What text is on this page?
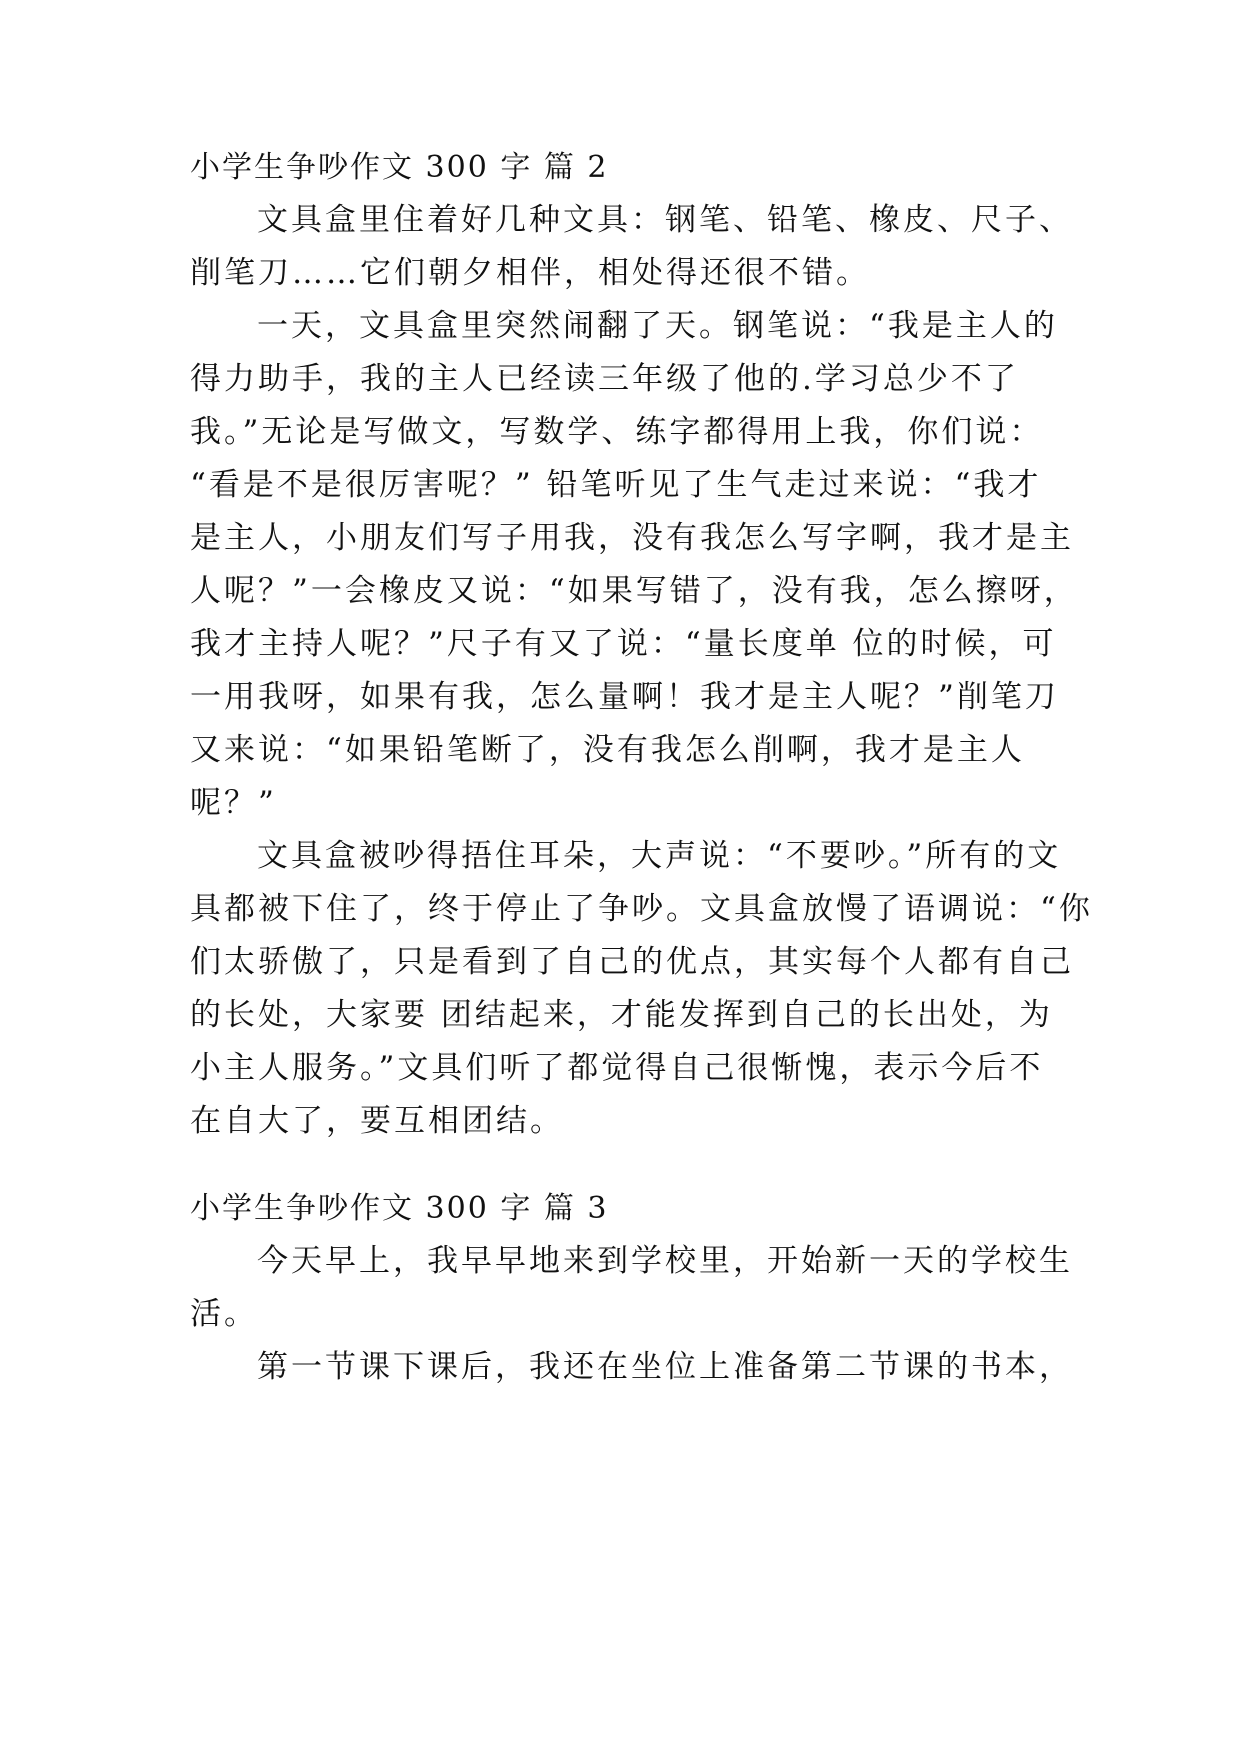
小学生争吵作文 300 字 篇 2
文具盒里住着好几种文具：钢笔、铅笔、橡皮、尺子、
削笔刀……它们朝夕相伴，相处得还很不错。
一天，文具盒里突然闹翻了天。钢笔说：“我是主人的
得力助手，我的主人已经读三年级了他的.学习总少不了
我。”无论是写做文，写数学、练字都得用上我，你们说：
“看是不是很厉害呢？” 铅笔听见了生气走过来说：“我才
是主人，小朋友们写子用我，没有我怎么写字啊，我才是主
人呢？”一会橡皮又说：“如果写错了，没有我，怎么擦呀，
我才主持人呢？”尺子有又了说：“量长度单 位的时候，可
一用我呀，如果有我，怎么量啊！我才是主人呢？”削笔刀
又来说：“如果铅笔断了，没有我怎么削啊，我才是主人
呢？”
文具盒被吵得捂住耳朵，大声说：“不要吵。”所有的文
具都被下住了，终于停止了争吵。文具盒放慢了语调说：“你
们太骄傲了，只是看到了自己的优点，其实每个人都有自己
的长处，大家要 团结起来，才能发挥到自己的长出处，为
小主人服务。”文具们听了都觉得自己很惭愧，表示今后不
在自大了，要互相团结。
小学生争吵作文 300 字 篇 3
今天早上，我早早地来到学校里，开始新一天的学校生
活。
第一节课下课后，我还在坐位上准备第二节课的书本，
